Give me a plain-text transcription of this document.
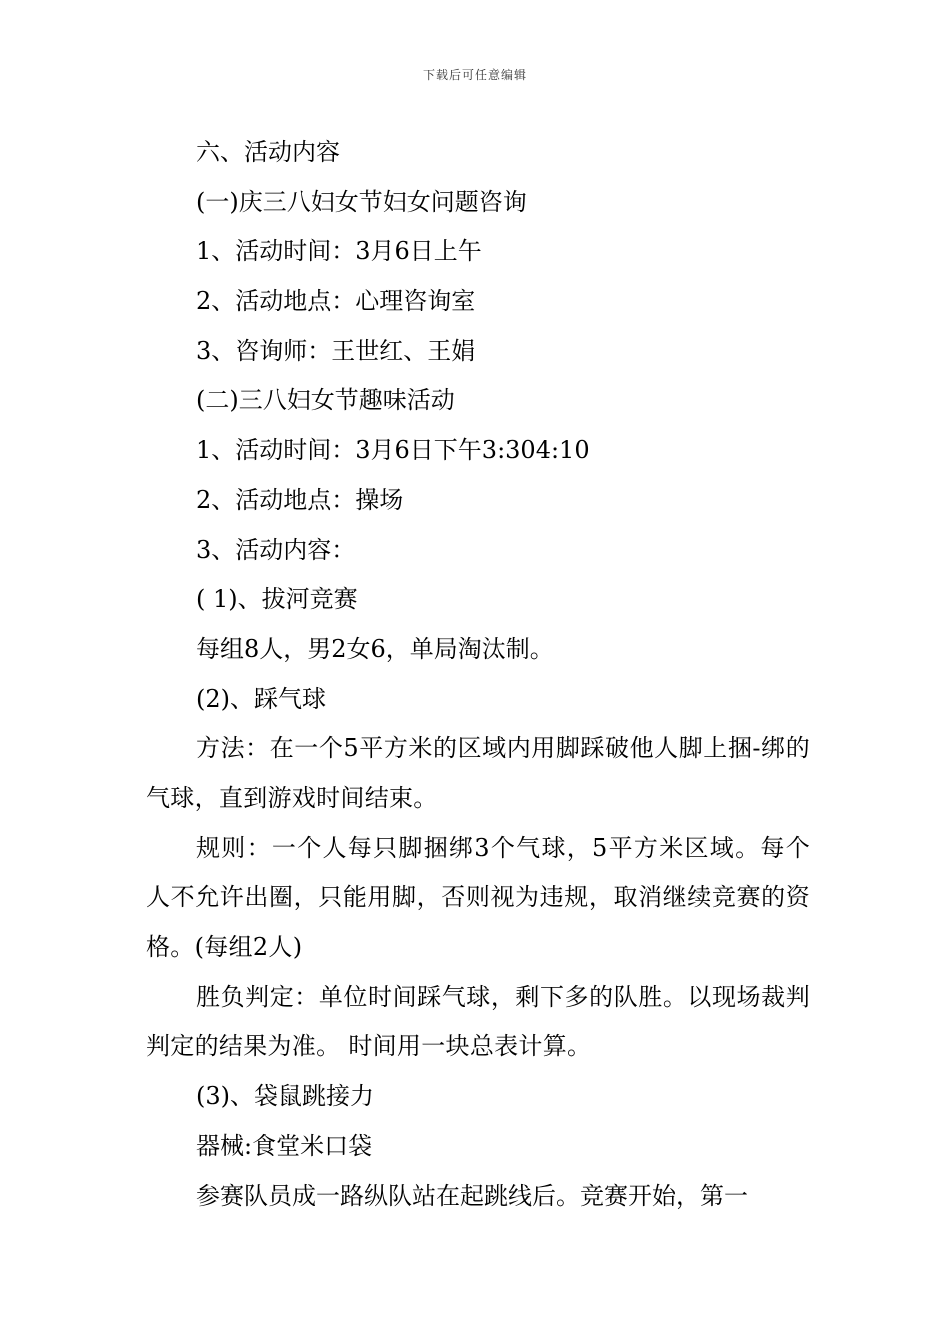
下载后可任意编辑
六、活动内容
(一)庆三八妇女节妇女问题咨询
1、活动时间：3月6日上午
2、活动地点：心理咨询室
3、咨询师：王世红、王娟
(二)三八妇女节趣味活动
1、活动时间：3月6日下午3:304:10
2、活动地点：操场
3、活动内容：
( 1)、拔河竞赛
每组8人，男2女6，单局淘汰制。
(2)、踩气球
方法：在一个5平方米的区域内用脚踩破他人脚上捆-绑的气球，直到游戏时间结束。
规则：一个人每只脚捆绑3个气球，5平方米区域。每个人不允许出圈，只能用脚，否则视为违规，取消继续竞赛的资格。(每组2人)
胜负判定：单位时间踩气球，剩下多的队胜。以现场裁判判定的结果为准。 时间用一块总表计算。
(3)、袋鼠跳接力
器械:食堂米口袋
参赛队员成一路纵队站在起跳线后。竞赛开始，第一
